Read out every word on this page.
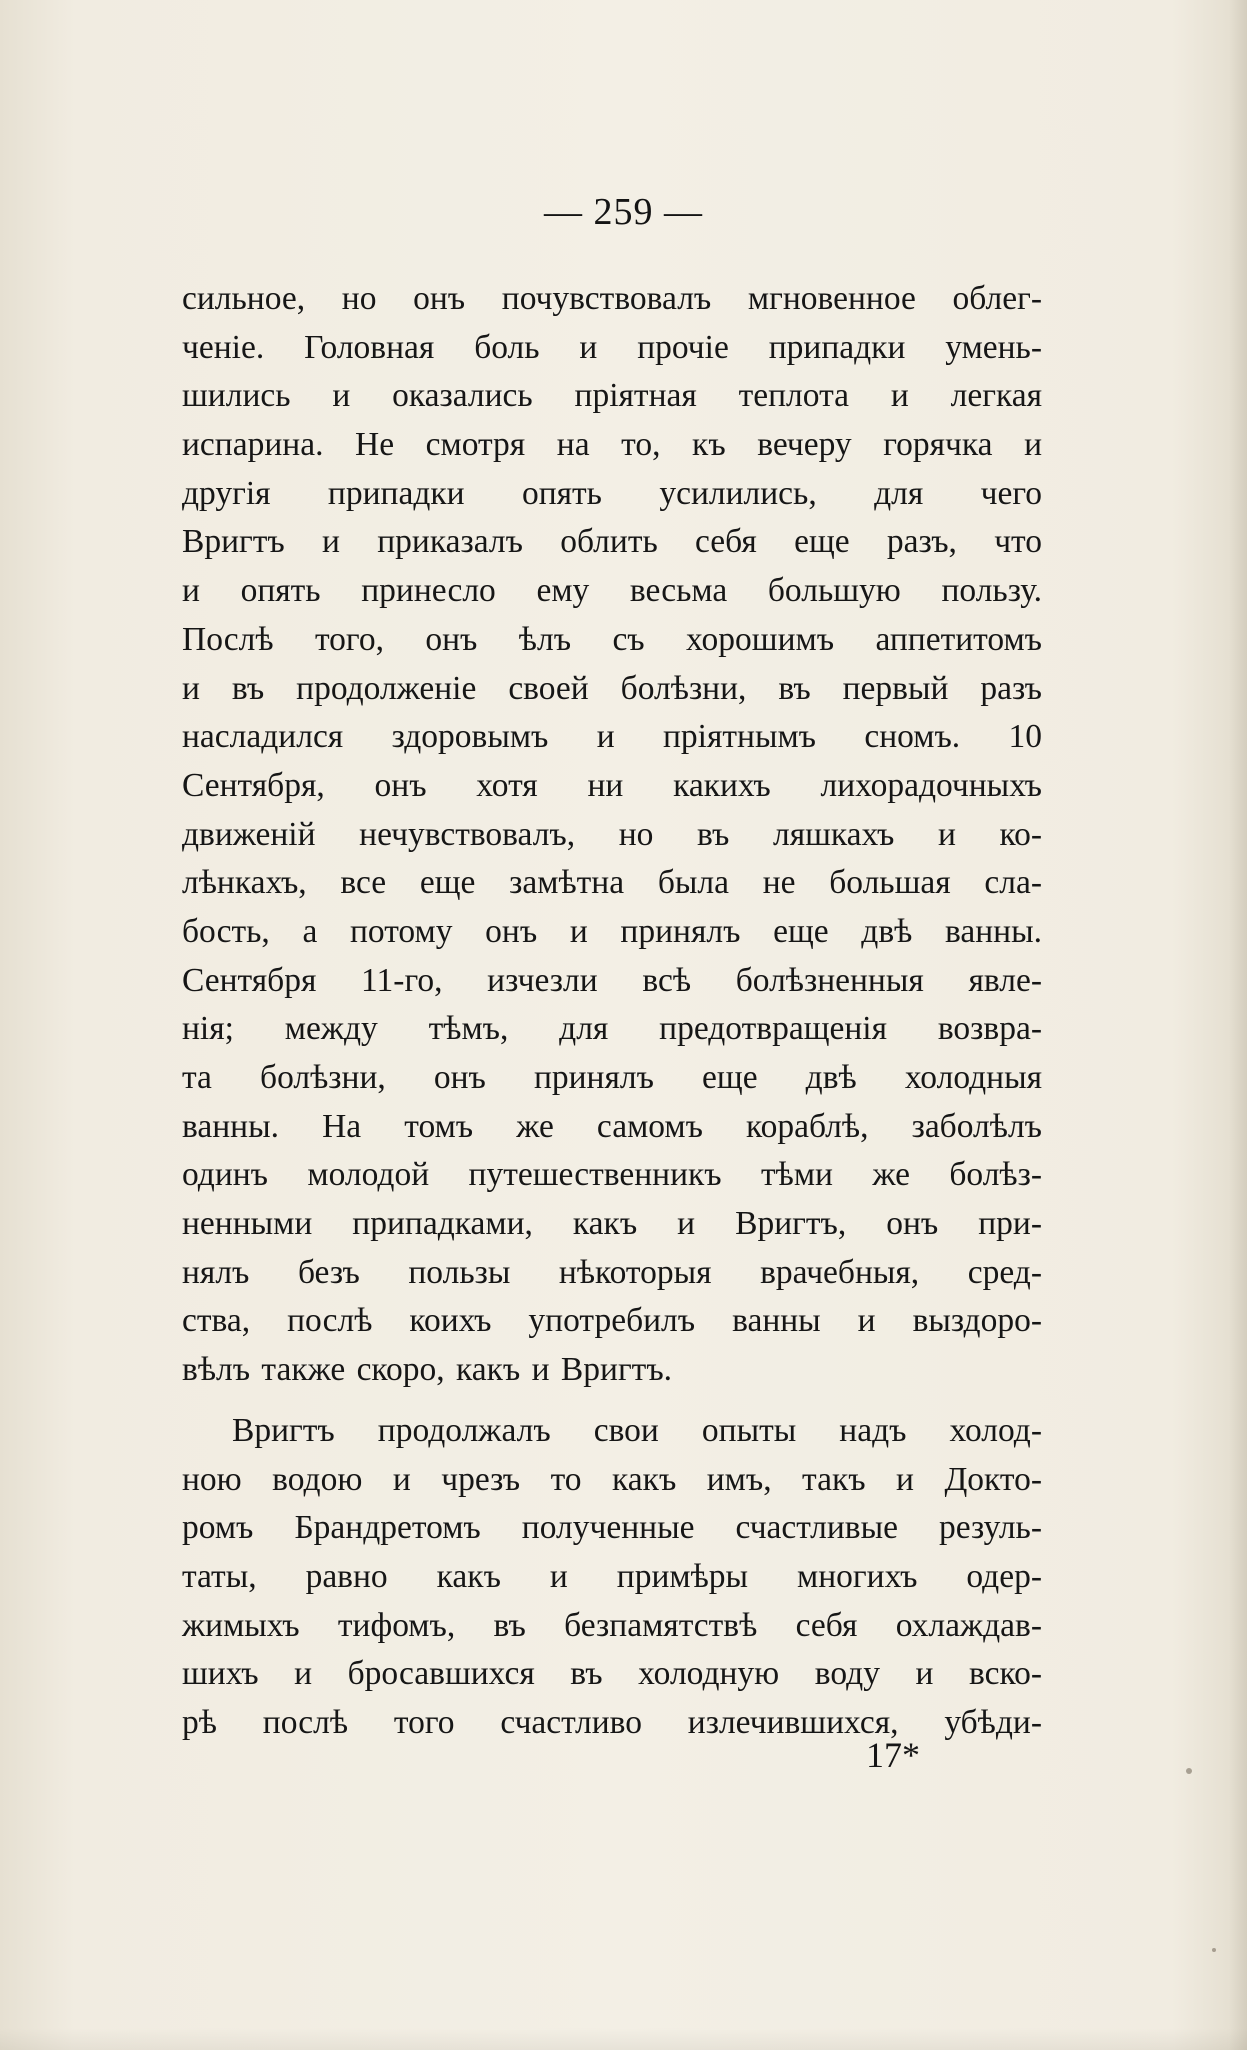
— 259 —
сильное, но онъ почувствовалъ мгновенное облег-
ченіе. Головная боль и прочіе припадки умень-
шились и оказались пріятная теплота и легкая
испарина. Не смотря на то, къ вечеру горячка и
другія припадки опять усилились, для чего
Вригтъ и приказалъ облить себя еще разъ, что
и опять принесло ему весьма большую пользу.
Послѣ того, онъ ѣлъ съ хорошимъ аппетитомъ
и въ продолженіе своей болѣзни, въ первый разъ
насладился здоровымъ и пріятнымъ сномъ. 10
Сентября, онъ хотя ни какихъ лихорадочныхъ
движеній нечувствовалъ, но въ ляшкахъ и ко-
лѣнкахъ, все еще замѣтна была не большая сла-
бость, а потому онъ и принялъ еще двѣ ванны.
Сентября 11-го, изчезли всѣ болѣзненныя явле-
нія; между тѣмъ, для предотвращенія возвра-
та болѣзни, онъ принялъ еще двѣ холодныя
ванны. На томъ же самомъ кораблѣ, заболѣлъ
одинъ молодой путешественникъ тѣми же болѣз-
ненными припадками, какъ и Вригтъ, онъ при-
нялъ безъ пользы нѣкоторыя врачебныя, сред-
ства, послѣ коихъ употребилъ ванны и выздоро-
вѣлъ также скоро, какъ и Вригтъ.
Вригтъ продолжалъ свои опыты надъ холод-
ною водою и чрезъ то какъ имъ, такъ и Докто-
ромъ Брандретомъ полученные счастливые резуль-
таты, равно какъ и примѣры многихъ одер-
жимыхъ тифомъ, въ безпамятствѣ себя охлаждав-
шихъ и бросавшихся въ холодную воду и вско-
рѣ послѣ того счастливо излечившихся, убѣди-
17*
